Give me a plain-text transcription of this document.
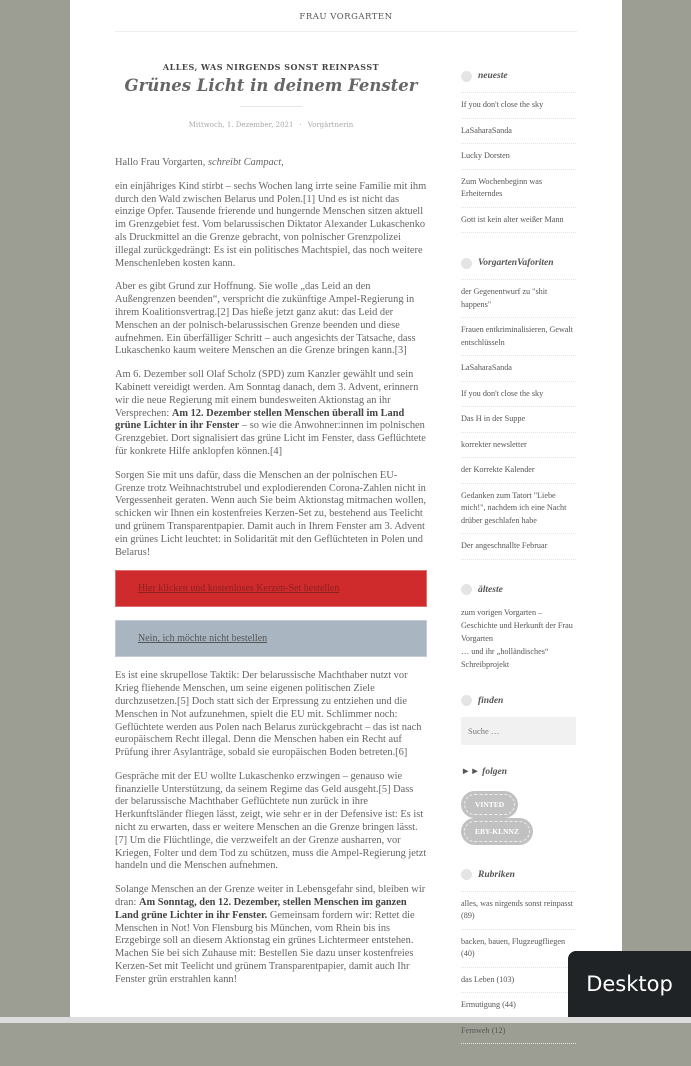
FRAU VORGARTEN
ALLES, WAS NIRGENDS SONST REINPASST
Grünes Licht in deinem Fenster
Mittwoch, 1. Dezember, 2021 · Vorgärtnerin

Hallo Frau Vorgarten, schreibt Campact,

ein einjähriges Kind stirbt – sechs Wochen lang irrte seine Familie mit ihm durch den Wald zwischen Belarus und Polen.[1] Und es ist nicht das einzige Opfer. Tausende frierende und hungernde Menschen sitzen aktuell im Grenzgebiet fest. Vom belarussischen Diktator Alexander Lukaschenko als Druckmittel an die Grenze gebracht, von polnischer Grenzpolizei illegal zurückgedrängt: Es ist ein politisches Machtspiel, das noch weitere Menschenleben kosten kann.

Aber es gibt Grund zur Hoffnung. Sie wolle „das Leid an den Außengrenzen beenden“, verspricht die zukünftige Ampel-Regierung in ihrem Koalitionsvertrag.[2] Das hieße jetzt ganz akut: das Leid der Menschen an der polnisch-belarussischen Grenze beenden und diese aufnehmen. Ein überfälliger Schritt – auch angesichts der Tatsache, dass Lukaschenko kaum weitere Menschen an die Grenze bringen kann.[3]

Am 6. Dezember soll Olaf Scholz (SPD) zum Kanzler gewählt und sein Kabinett vereidigt werden. Am Sonntag danach, dem 3. Advent, erinnern wir die neue Regierung mit einem bundesweiten Aktionstag an ihr Versprechen: Am 12. Dezember stellen Menschen überall im Land grüne Lichter in ihr Fenster – so wie die Anwohner:innen im polnischen Grenzgebiet. Dort signalisiert das grüne Licht im Fenster, dass Geflüchtete für konkrete Hilfe anklopfen können.[4]

Sorgen Sie mit uns dafür, dass die Menschen an der polnischen EU-Grenze trotz Weihnachtstrubel und explodierenden Corona-Zahlen nicht in Vergessenheit geraten. Wenn auch Sie beim Aktionstag mitmachen wollen, schicken wir Ihnen ein kostenfreies Kerzen-Set zu, bestehend aus Teelicht und grünem Transparentpapier. Damit auch in Ihrem Fenster am 3. Advent ein grünes Licht leuchtet: in Solidarität mit den Geflüchteten in Polen und Belarus!

Hier klicken und kostenloses Kerzen-Set bestellen
Nein, ich möchte nicht bestellen

Es ist eine skrupellose Taktik: Der belarussische Machthaber nutzt vor Krieg fliehende Menschen, um seine eigenen politischen Ziele durchzusetzen.[5] Doch statt sich der Erpressung zu entziehen und die Menschen in Not aufzunehmen, spielt die EU mit. Schlimmer noch: Geflüchtete werden aus Polen nach Belarus zurückgebracht – das ist nach europäischem Recht illegal. Denn die Menschen haben ein Recht auf Prüfung ihrer Asylanträge, sobald sie europäischen Boden betreten.[6]

Gespräche mit der EU wollte Lukaschenko erzwingen – genauso wie finanzielle Unterstützung, da seinem Regime das Geld ausgeht.[5] Dass der belarussische Machthaber Geflüchtete nun zurück in ihre Herkunftsländer fliegen lässt, zeigt, wie sehr er in der Defensive ist: Es ist nicht zu erwarten, dass er weitere Menschen an die Grenze bringen lässt.[7] Um die Flüchtlinge, die verzweifelt an der Grenze ausharren, vor Kriegen, Folter und dem Tod zu schützen, muss die Ampel-Regierung jetzt handeln und die Menschen aufnehmen.

Solange Menschen an der Grenze weiter in Lebensgefahr sind, bleiben wir dran: Am Sonntag, den 12. Dezember, stellen Menschen im ganzen Land grüne Lichter in ihr Fenster. Gemeinsam fordern wir: Rettet die Menschen in Not! Von Flensburg bis München, vom Rhein bis ins Erzgebirge soll an diesem Aktionstag ein grünes Lichtermeer entstehen. Machen Sie bei sich Zuhause mit: Bestellen Sie dazu unser kostenfreies Kerzen-Set mit Teelicht und grünem Transparentpapier, damit auch Ihr Fenster grün erstrahlen kann!

neueste
If you don't close the sky
LaSaharaSanda
Lucky Dorsten
Zum Wochenbeginn was Erheiterndes
Gott ist kein alter weißer Mann
VorgartenVaforiten
der Gegenentwurf zu "shit happens"
Frauen entkriminalisieren, Gewalt entschlüsseln
LaSaharaSanda
If you don't close the sky
Das H in der Suppe
korrekter newsletter
der Korrekte Kalender
Gedanken zum Tatort "Liebe mich!", nachdem ich eine Nacht drüber geschlafen habe
Der angeschnallte Februar
älteste
zum vorigen Vorgarten – Geschichte und Herkunft der Frau Vorgarten
… und ihr „holländisches“ Schreibprojekt
finden
Suche …
►► folgen
VINTED

EBY-KLNNZ
Rubriken
alles, was nirgends sonst reinpasst (89)
backen, bauen, Flugzeugfliegen (40)
das Leben (103)
Ermutigung (44)
Fernweh (12)
Desktop
